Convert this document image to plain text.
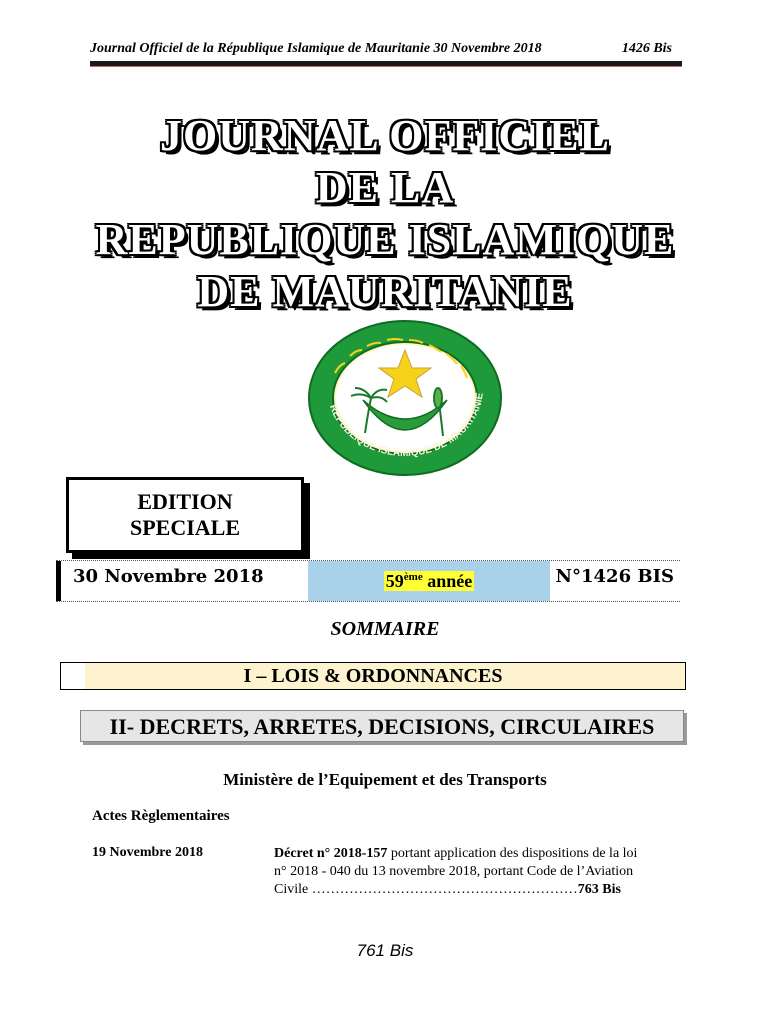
Journal Officiel de la République Islamique de Mauritanie 30 Novembre 2018	1426 Bis
JOURNAL OFFICIEL
DE LA
REPUBLIQUE ISLAMIQUE
DE MAURITANIE
REPUBLIQUE ISLAMIQUE DE MAURITANIE
EDITION
SPECIALE
30 Novembre 2018	59ème année	N°1426 BIS
SOMMAIRE
I – LOIS & ORDONNANCES
II- DECRETS, ARRETES, DECISIONS, CIRCULAIRES
Ministère de l’Equipement et des Transports
Actes Règlementaires
19 Novembre 2018	Décret n° 2018-157 portant application des dispositions de la loi
n° 2018 - 040 du 13 novembre 2018, portant Code de l’Aviation
Civile …………………………………………………763 Bis
761 Bis
